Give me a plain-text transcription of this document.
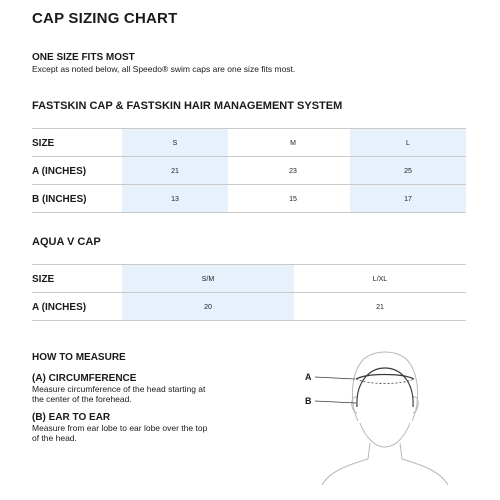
CAP SIZING CHART
ONE SIZE FITS MOST
Except as noted below, all Speedo® swim caps are one size fits most.
FASTSKIN CAP & FASTSKIN HAIR MANAGEMENT SYSTEM
SIZE	S	M	L
A (INCHES)	21	23	25
B (INCHES)	13	15	17
AQUA V CAP
SIZE	S/M	L/XL
A (INCHES)	20	21
HOW TO MEASURE
(A) CIRCUMFERENCE
Measure circumference of the head starting at the center of the forehead.
(B) EAR TO EAR
Measure from ear lobe to ear lobe over the top of the head.
A
B
